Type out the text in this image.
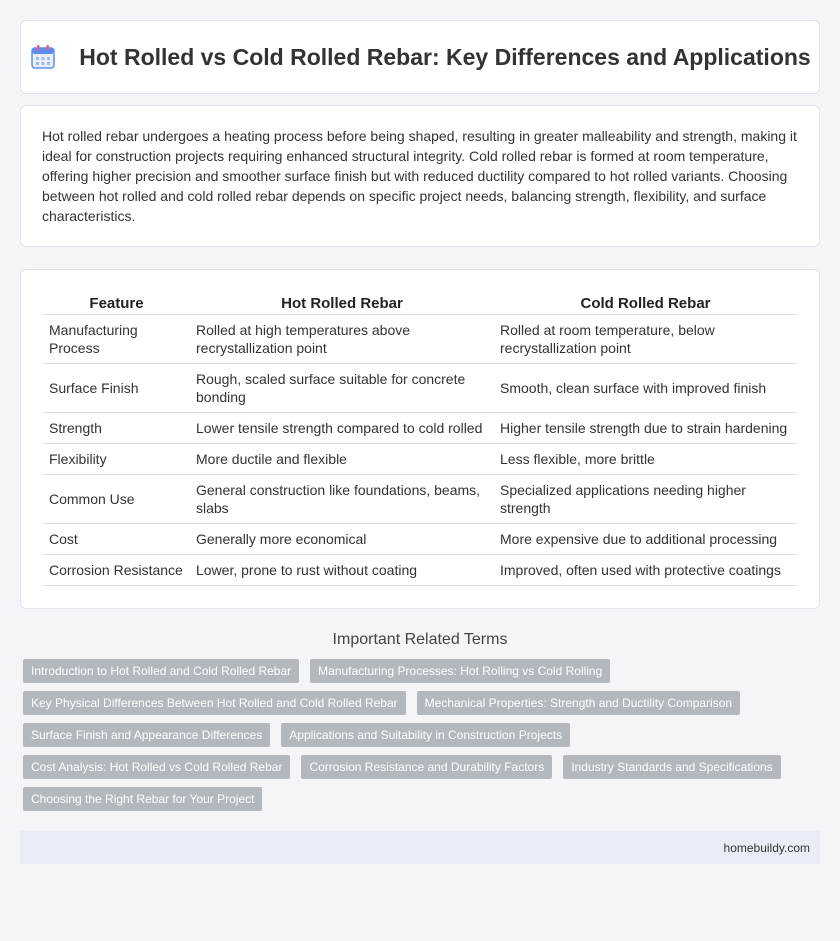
Hot Rolled vs Cold Rolled Rebar: Key Differences and Applications

Hot rolled rebar undergoes a heating process before being shaped, resulting in greater malleability and strength, making it ideal for construction projects requiring enhanced structural integrity. Cold rolled rebar is formed at room temperature, offering higher precision and smoother surface finish but with reduced ductility compared to hot rolled variants. Choosing between hot rolled and cold rolled rebar depends on specific project needs, balancing strength, flexibility, and surface characteristics.

Feature	Hot Rolled Rebar	Cold Rolled Rebar
Manufacturing Process	Rolled at high temperatures above recrystallization point	Rolled at room temperature, below recrystallization point
Surface Finish	Rough, scaled surface suitable for concrete bonding	Smooth, clean surface with improved finish
Strength	Lower tensile strength compared to cold rolled	Higher tensile strength due to strain hardening
Flexibility	More ductile and flexible	Less flexible, more brittle
Common Use	General construction like foundations, beams, slabs	Specialized applications needing higher strength
Cost	Generally more economical	More expensive due to additional processing
Corrosion Resistance	Lower, prone to rust without coating	Improved, often used with protective coatings
Important Related Terms
Introduction to Hot Rolled and Cold Rolled Rebar	Manufacturing Processes: Hot Rolling vs Cold Rolling
Key Physical Differences Between Hot Rolled and Cold Rolled Rebar	Mechanical Properties: Strength and Ductility Comparison
Surface Finish and Appearance Differences	Applications and Suitability in Construction Projects
Cost Analysis: Hot Rolled vs Cold Rolled Rebar	Corrosion Resistance and Durability Factors	Industry Standards and Specifications
Choosing the Right Rebar for Your Project
homebuildy.com
